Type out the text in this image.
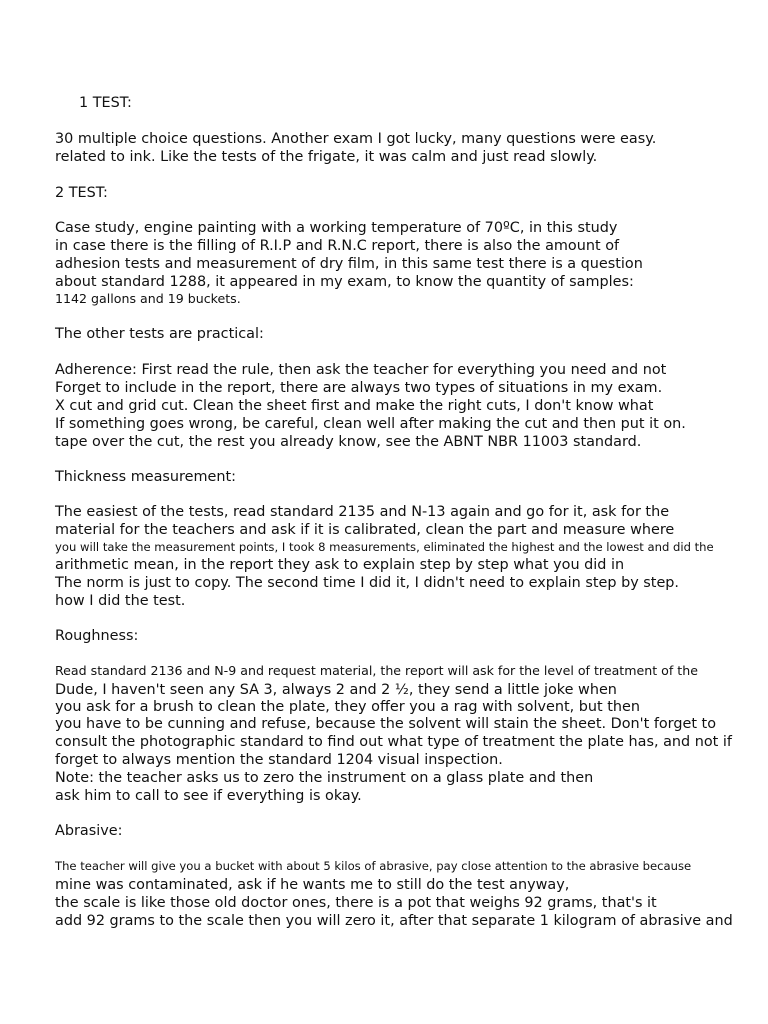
1 TEST:
30 multiple choice questions. Another exam I got lucky, many questions were easy.
related to ink. Like the tests of the frigate, it was calm and just read slowly.
2 TEST:
Case study, engine painting with a working temperature of 70ºC, in this study
in case there is the filling of R.I.P and R.N.C report, there is also the amount of
adhesion tests and measurement of dry film, in this same test there is a question
about standard 1288, it appeared in my exam, to know the quantity of samples:
1142 gallons and 19 buckets.
The other tests are practical:
Adherence: First read the rule, then ask the teacher for everything you need and not
Forget to include in the report, there are always two types of situations in my exam.
X cut and grid cut. Clean the sheet first and make the right cuts, I don't know what
If something goes wrong, be careful, clean well after making the cut and then put it on.
tape over the cut, the rest you already know, see the ABNT NBR 11003 standard.
Thickness measurement:
The easiest of the tests, read standard 2135 and N-13 again and go for it, ask for the
material for the teachers and ask if it is calibrated, clean the part and measure where
you will take the measurement points, I took 8 measurements, eliminated the highest and the lowest and did the
arithmetic mean, in the report they ask to explain step by step what you did in
The norm is just to copy. The second time I did it, I didn't need to explain step by step.
how I did the test.
Roughness:
Read standard 2136 and N-9 and request material, the report will ask for the level of treatment of the
Dude, I haven't seen any SA 3, always 2 and 2 ½, they send a little joke when
you ask for a brush to clean the plate, they offer you a rag with solvent, but then
you have to be cunning and refuse, because the solvent will stain the sheet. Don't forget to
consult the photographic standard to find out what type of treatment the plate has, and not if
forget to always mention the standard 1204 visual inspection.
Note: the teacher asks us to zero the instrument on a glass plate and then
ask him to call to see if everything is okay.
Abrasive:
The teacher will give you a bucket with about 5 kilos of abrasive, pay close attention to the abrasive because
mine was contaminated, ask if he wants me to still do the test anyway,
the scale is like those old doctor ones, there is a pot that weighs 92 grams, that's it
add 92 grams to the scale then you will zero it, after that separate 1 kilogram of abrasive and
